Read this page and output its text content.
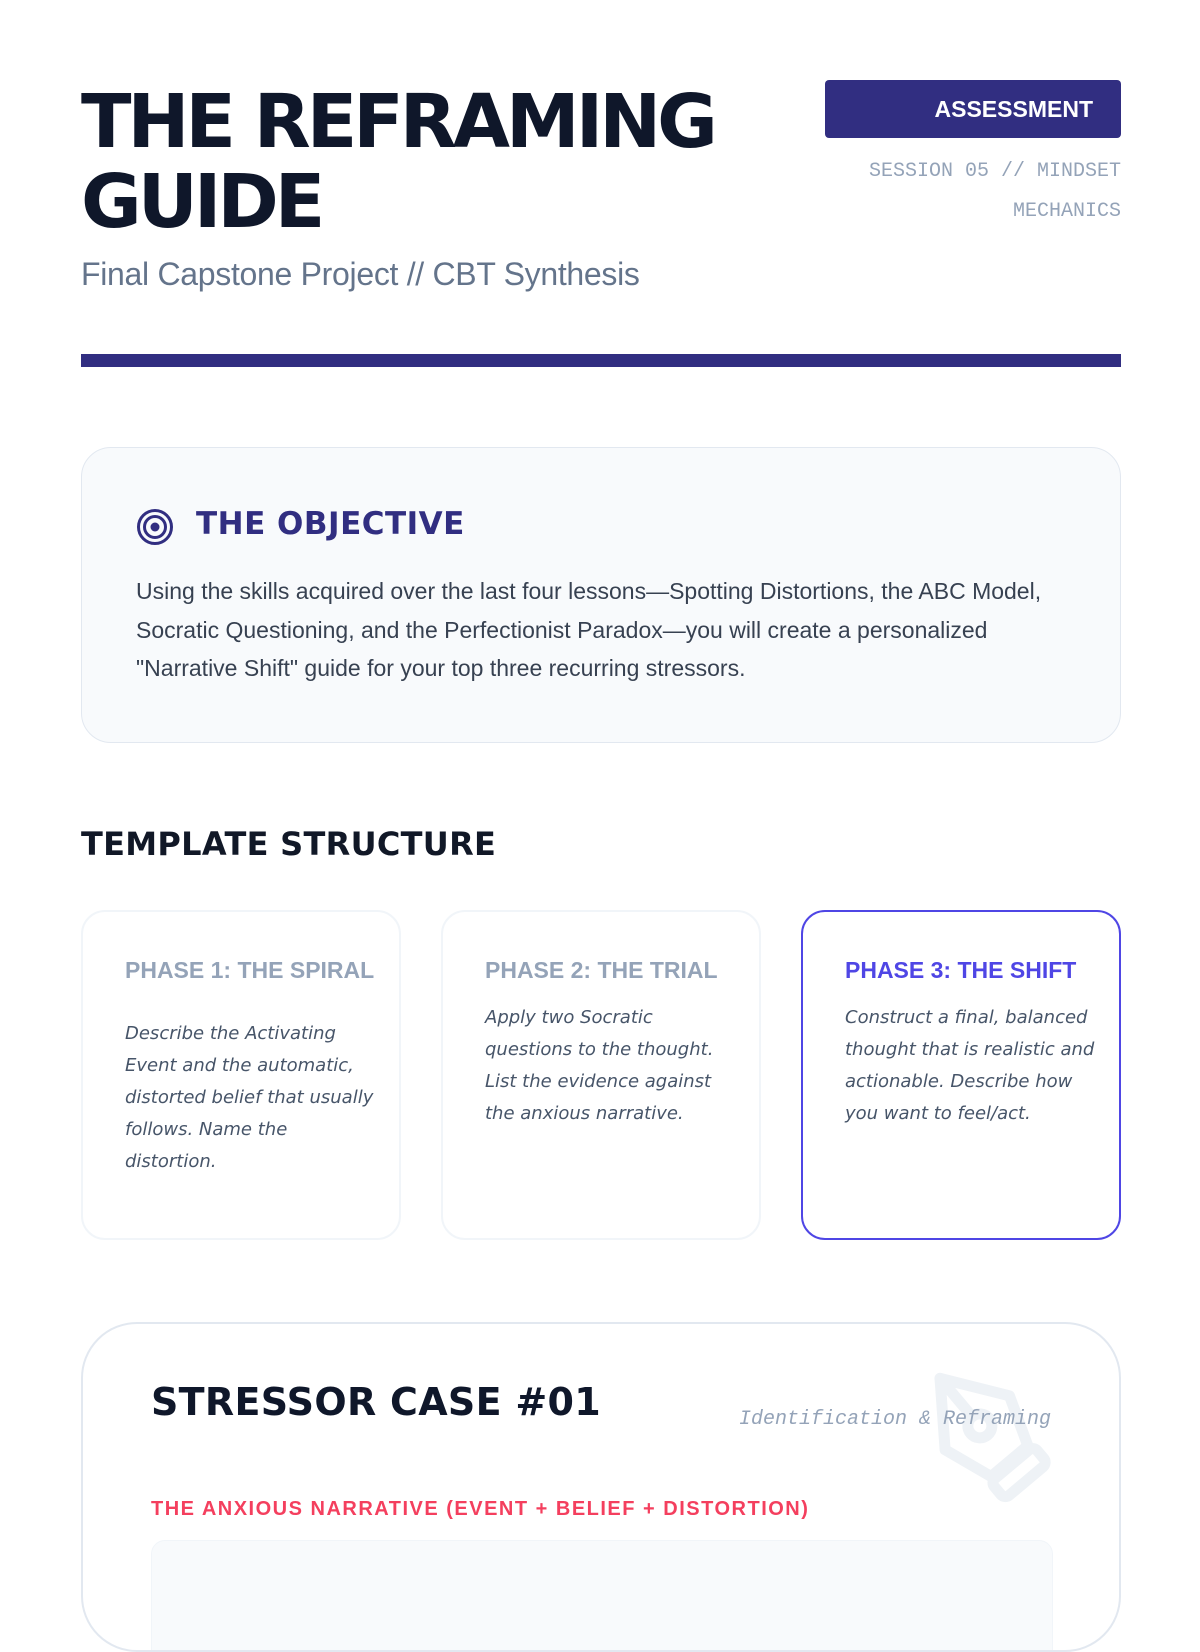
THE REFRAMING GUIDE
Final Capstone Project // CBT Synthesis
ASSESSMENT
SESSION 05 // MINDSET MECHANICS
THE OBJECTIVE

Using the skills acquired over the last four lessons—Spotting Distortions, the ABC Model, Socratic Questioning, and the Perfectionist Paradox—you will create a personalized "Narrative Shift" guide for your top three recurring stressors.

TEMPLATE STRUCTURE
PHASE 1: THE SPIRAL

Describe the Activating Event and the automatic, distorted belief that usually follows. Name the distortion.

PHASE 2: THE TRIAL

Apply two Socratic questions to the thought. List the evidence against the anxious narrative.

PHASE 3: THE SHIFT

Construct a final, balanced thought that is realistic and actionable. Describe how you want to feel/act.

STRESSOR CASE #01	Identification & Reframing
THE ANXIOUS NARRATIVE (EVENT + BELIEF + DISTORTION)
